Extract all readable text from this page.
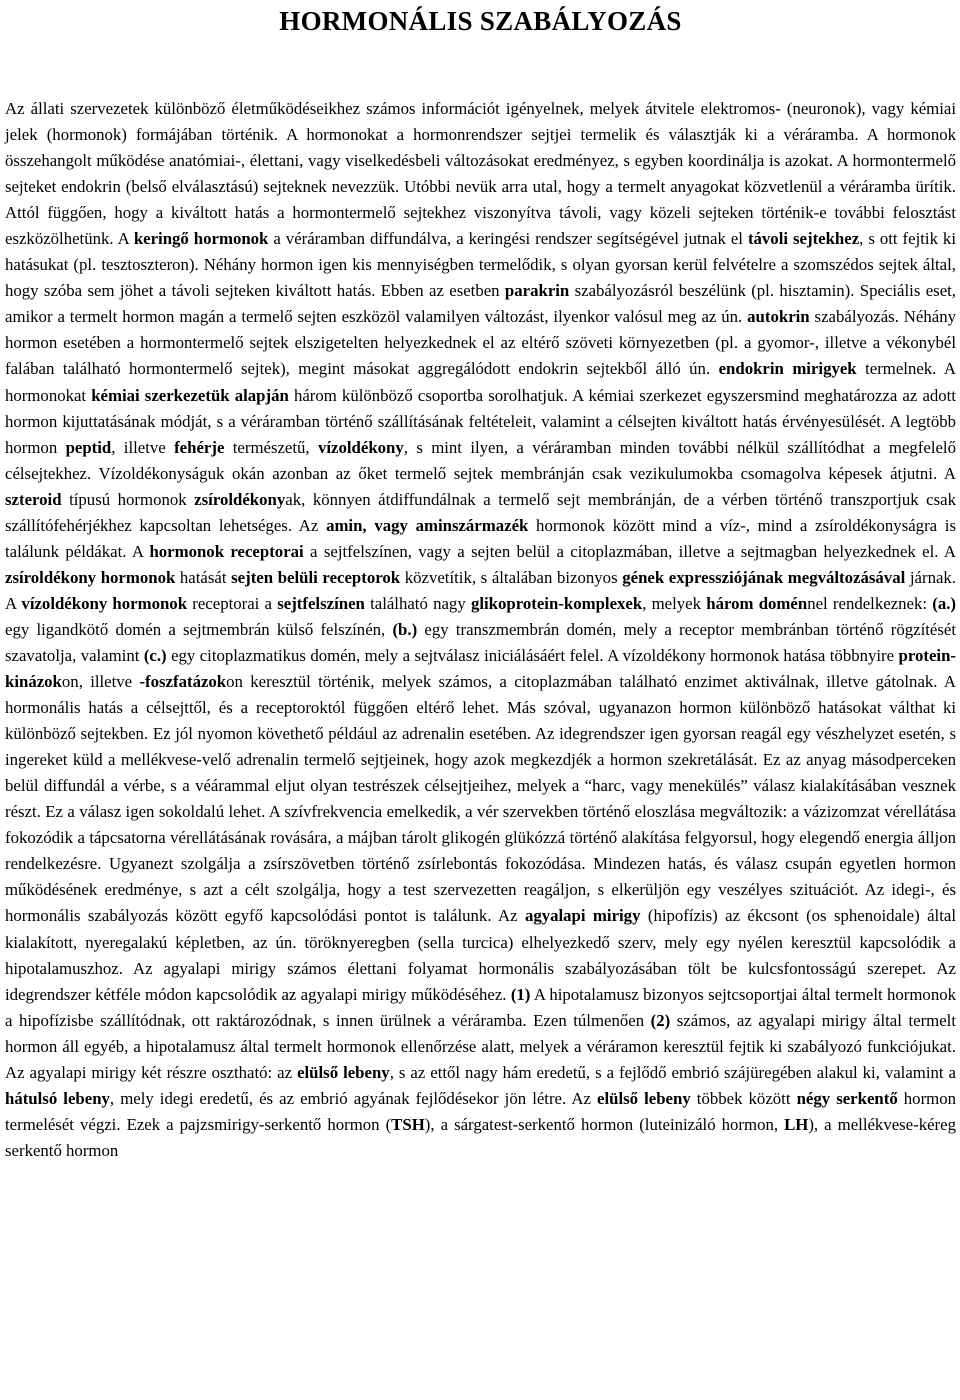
HORMONÁLIS SZABÁLYOZÁS

Az állati szervezetek különböző életműködéseikhez számos információt igényelnek, melyek átvitele elektromos- (neuronok), vagy kémiai jelek (hormonok) formájában történik. A hormonokat a hormonrendszer sejtjei termelik és választják ki a véráramba. A hormonok összehangolt működése anatómiai-, élettani, vagy viselkedésbeli változásokat eredményez, s egyben koordinálja is azokat. A hormontermelő sejteket endokrin (belső elválasztású) sejteknek nevezzük. Utóbbi nevük arra utal, hogy a termelt anyagokat közvetlenül a véráramba ürítik. Attól függően, hogy a kiváltott hatás a hormontermelő sejtekhez viszonyítva távoli, vagy közeli sejteken történik-e további felosztást eszközölhetünk. A keringő hormonok a véráramban diffundálva, a keringési rendszer segítségével jutnak el távoli sejtekhez, s ott fejtik ki hatásukat (pl. tesztoszteron). Néhány hormon igen kis mennyiségben termelődik, s olyan gyorsan kerül felvételre a szomszédos sejtek által, hogy szóba sem jöhet a távoli sejteken kiváltott hatás. Ebben az esetben parakrin szabályozásról beszélünk (pl. hisztamin). Speciális eset, amikor a termelt hormon magán a termelő sejten eszközöl valamilyen változást, ilyenkor valósul meg az ún. autokrin szabályozás. Néhány hormon esetében a hormontermelő sejtek elszigetelten helyezkednek el az eltérő szöveti környezetben (pl. a gyomor-, illetve a vékonybél falában található hormontermelő sejtek), megint másokat aggregálódott endokrin sejtekből álló ún. endokrin mirigyek termelnek. A hormonokat kémiai szerkezetük alapján három különböző csoportba sorolhatjuk. A kémiai szerkezet egyszersmind meghatározza az adott hormon kijuttatásának módját, s a véráramban történő szállításának feltételeit, valamint a célsejten kiváltott hatás érvényesülését. A legtöbb hormon peptid, illetve fehérje természetű, vízoldékony, s mint ilyen, a véráramban minden további nélkül szállítódhat a megfelelő célsejtekhez. Vízoldékonyságuk okán azonban az őket termelő sejtek membránján csak vezikulumokba csomagolva képesek átjutni. A szteroid típusú hormonok zsíroldékonyak, könnyen átdiffundálnak a termelő sejt membránján, de a vérben történő transzportjuk csak szállítófehérjékhez kapcsoltan lehetséges. Az amin, vagy aminszármazék hormonok között mind a víz-, mind a zsíroldékonyságra is találunk példákat. A hormonok receptorai a sejtfelszínen, vagy a sejten belül a citoplazmában, illetve a sejtmagban helyezkednek el. A zsíroldékony hormonok hatását sejten belüli receptorok közvetítik, s általában bizonyos gének expressziójának megváltozásával járnak. A vízoldékony hormonok receptorai a sejtfelszínen található nagy glikoprotein-komplexek, melyek három doménnel rendelkeznek: (a.) egy ligandkötő domén a sejtmembrán külső felszínén, (b.) egy transzmembrán domén, mely a receptor membránban történő rögzítését szavatolja, valamint (c.) egy citoplazmatikus domén, mely a sejtválasz iniciálásáért felel. A vízoldékony hormonok hatása többnyire protein-kinázokon, illetve -foszfatázokon keresztül történik, melyek számos, a citoplazmában található enzimet aktiválnak, illetve gátolnak. A hormonális hatás a célsejttől, és a receptoroktól függően eltérő lehet. Más szóval, ugyanazon hormon különböző hatásokat válthat ki különböző sejtekben. Ez jól nyomon követhető például az adrenalin esetében. Az idegrendszer igen gyorsan reagál egy vészhelyzet esetén, s ingereket küld a mellékvese-velő adrenalin termelő sejtjeinek, hogy azok megkezdjék a hormon szekretálását. Ez az anyag másodperceken belül diffundál a vérbe, s a véárammal eljut olyan testrészek célsejtjeihez, melyek a “harc, vagy menekülés” válasz kialakításában vesznek részt. Ez a válasz igen sokoldalú lehet. A szívfrekvencia emelkedik, a vér szervekben történő eloszlása megváltozik: a vázizomzat vérellátása fokozódik a tápcsatorna vérellátásának rovására, a májban tárolt glikogén glükózzá történő alakítása felgyorsul, hogy elegendő energia álljon rendelkezésre. Ugyanezt szolgálja a zsírszövetben történő zsírlebontás fokozódása. Mindezen hatás, és válasz csupán egyetlen hormon működésének eredménye, s azt a célt szolgálja, hogy a test szervezetten reagáljon, s elkerüljön egy veszélyes szituációt. Az idegi-, és hormonális szabályozás között egyfő kapcsolódási pontot is találunk. Az agyalapi mirigy (hipofízis) az ékcsont (os sphenoidale) által kialakított, nyeregalakú képletben, az ún. töröknyeregben (sella turcica) elhelyezkedő szerv, mely egy nyélen keresztül kapcsolódik a hipotalamuszhoz. Az agyalapi mirigy számos élettani folyamat hormonális szabályozásában tölt be kulcsfontosságú szerepet. Az idegrendszer kétféle módon kapcsolódik az agyalapi mirigy működéséhez. (1) A hipotalamusz bizonyos sejtcsoportjai által termelt hormonok a hipofízisbe szállítódnak, ott raktározódnak, s innen ürülnek a véráramba. Ezen túlmenően (2) számos, az agyalapi mirigy által termelt hormon áll egyéb, a hipotalamusz által termelt hormonok ellenőrzése alatt, melyek a véráramon keresztül fejtik ki szabályozó funkciójukat. Az agyalapi mirigy két részre osztható: az elülső lebeny, s az ettől nagy hám eredetű, s a fejlődő embrió szájüregében alakul ki, valamint a hátulsó lebeny, mely idegi eredetű, és az embrió agyának fejlődésekor jön létre. Az elülső lebeny többek között négy serkentő hormon termelését végzi. Ezek a pajzsmirigy-serkentő hormon (TSH), a sárgatest-serkentő hormon (luteinizáló hormon, LH), a mellékvese-kéreg serkentő hormon
